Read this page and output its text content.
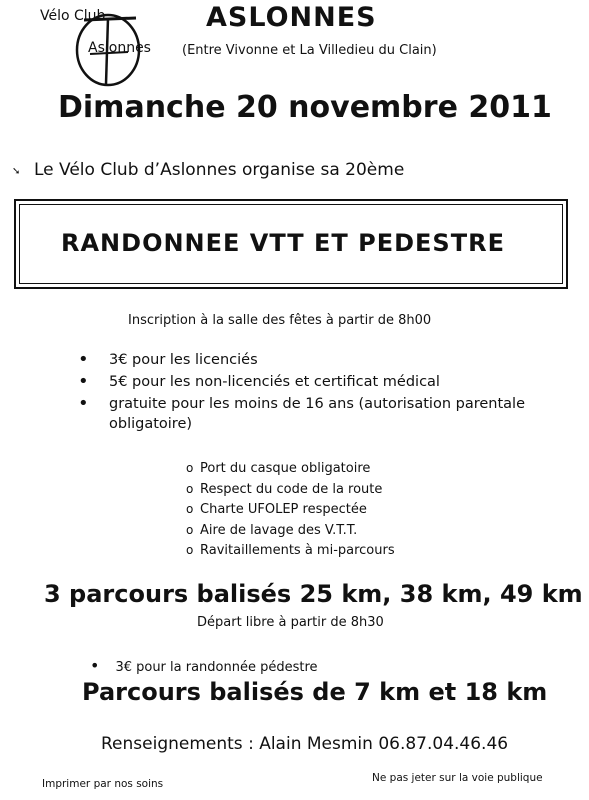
Vélo Club
Aslonnes
ASLONNES
(Entre Vivonne et La Villedieu du Clain)
Dimanche 20 novembre 2011
➘ Le Vélo Club d’Aslonnes organise sa 20ème
RANDONNEE VTT ET PEDESTRE
Inscription à la salle des fêtes à partir de 8h00
• 3€ pour les licenciés
• 5€ pour les non-licenciés et certificat médical
• gratuite pour les moins de 16 ans (autorisation parentale obligatoire)
o Port du casque obligatoire
o Respect du code de la route
o Charte UFOLEP respectée
o Aire de lavage des V.T.T.
o Ravitaillements à mi-parcours
3 parcours balisés 25 km, 38 km, 49 km
Départ libre à partir de 8h30
• 3€ pour la randonnée pédestre
Parcours balisés de 7 km et 18 km
Renseignements : Alain Mesmin 06.87.04.46.46
Imprimer par nos soins	Ne pas jeter sur la voie publique
